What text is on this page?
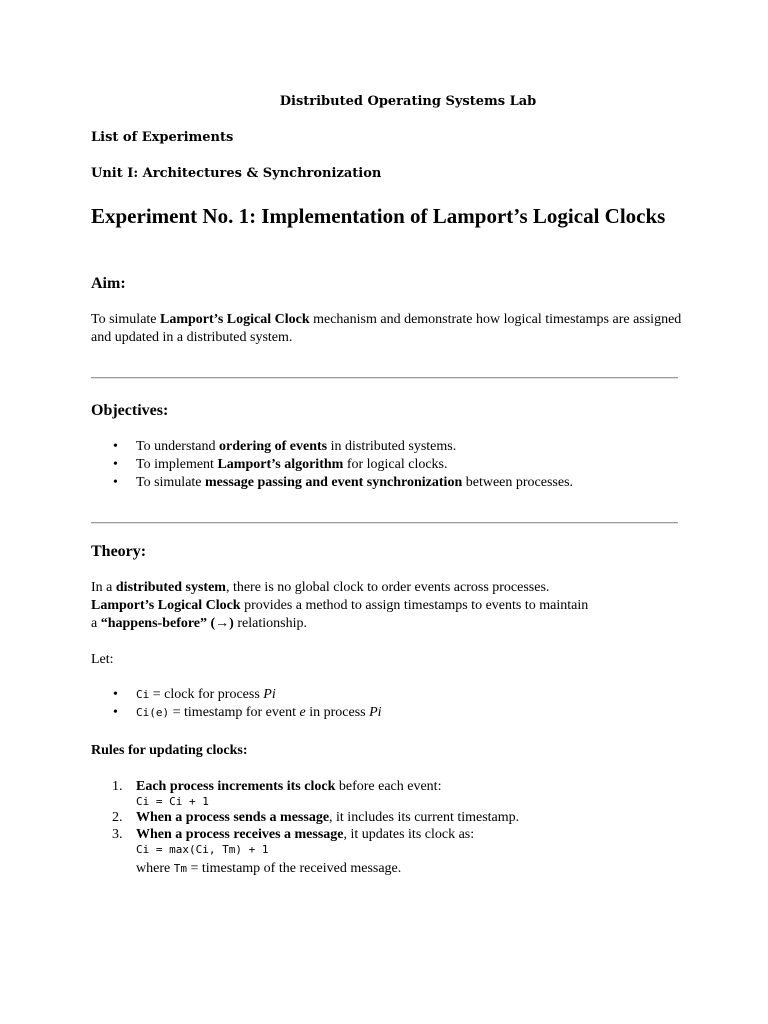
Distributed Operating Systems Lab
List of Experiments
Unit I: Architectures & Synchronization
Experiment No. 1: Implementation of Lamport’s Logical Clocks
Aim:
To simulate Lamport’s Logical Clock mechanism and demonstrate how logical timestamps are assigned and updated in a distributed system.
Objectives:
• To understand ordering of events in distributed systems.
• To implement Lamport’s algorithm for logical clocks.
• To simulate message passing and event synchronization between processes.
Theory:
In a distributed system, there is no global clock to order events across processes.
Lamport’s Logical Clock provides a method to assign timestamps to events to maintain
a “happens-before” (→) relationship.
Let:
• Ci = clock for process Pi
• Ci(e) = timestamp for event e in process Pi
Rules for updating clocks:
1. Each process increments its clock before each event:
Ci = Ci + 1
2. When a process sends a message, it includes its current timestamp.
3. When a process receives a message, it updates its clock as:
Ci = max(Ci, Tm) + 1
where Tm = timestamp of the received message.
